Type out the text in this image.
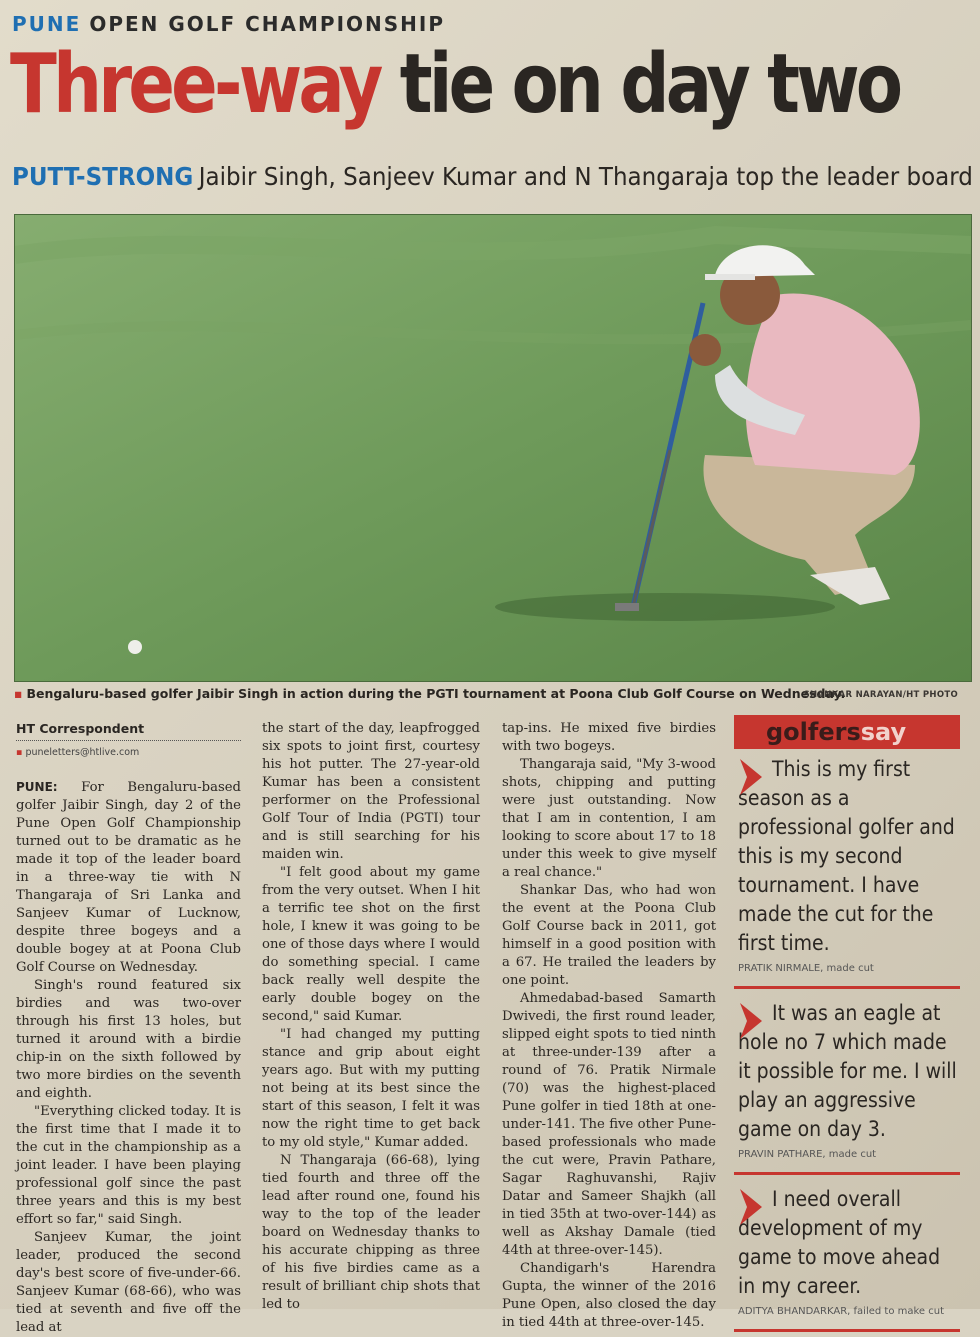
PUNE OPEN GOLF CHAMPIONSHIP
Three-way tie on day two
PUTT-STRONG Jaibir Singh, Sanjeev Kumar and N Thangaraja top the leader board
▪ Bengaluru-based golfer Jaibir Singh in action during the PGTI tournament at Poona Club Golf Course on Wednesday.
SHANKAR NARAYAN/HT PHOTO
HT Correspondent
▪ puneletters@htlive.com

PUNE: For Bengaluru-based golfer Jaibir Singh, day 2 of the Pune Open Golf Championship turned out to be dramatic as he made it top of the leader board in a three-way tie with N Thangaraja of Sri Lanka and Sanjeev Kumar of Lucknow, despite three bogeys and a double bogey at at Poona Club Golf Course on Wednesday.

Singh's round featured six birdies and was two-over through his first 13 holes, but turned it around with a birdie chip-in on the sixth followed by two more birdies on the seventh and eighth.

"Everything clicked today. It is the first time that I made it to the cut in the championship as a joint leader. I have been playing professional golf since the past three years and this is my best effort so far," said Singh.

Sanjeev Kumar, the joint leader, produced the second day's best score of five-under-66. Sanjeev Kumar (68-66), who was tied at seventh and five off the lead at

the start of the day, leapfrogged six spots to joint first, courtesy his hot putter. The 27-year-old Kumar has been a consistent performer on the Professional Golf Tour of India (PGTI) tour and is still searching for his maiden win.

"I felt good about my game from the very outset. When I hit a terrific tee shot on the first hole, I knew it was going to be one of those days where I would do something special. I came back really well despite the early double bogey on the second," said Kumar.

"I had changed my putting stance and grip about eight years ago. But with my putting not being at its best since the start of this season, I felt it was now the right time to get back to my old style," Kumar added.

N Thangaraja (66-68), lying tied fourth and three off the lead after round one, found his way to the top of the leader board on Wednesday thanks to his accurate chipping as three of his five birdies came as a result of brilliant chip shots that led to

tap-ins. He mixed five birdies with two bogeys.

Thangaraja said, "My 3-wood shots, chipping and putting were just outstanding. Now that I am in contention, I am looking to score about 17 to 18 under this week to give myself a real chance."

Shankar Das, who had won the event at the Poona Club Golf Course back in 2011, got himself in a good position with a 67. He trailed the leaders by one point.

Ahmedabad-based Samarth Dwivedi, the first round leader, slipped eight spots to tied ninth at three-under-139 after a round of 76. Pratik Nirmale (70) was the highest-placed Pune golfer in tied 18th at one-under-141. The five other Pune-based professionals who made the cut were, Pravin Pathare, Sagar Raghuvanshi, Rajiv Datar and Sameer Shajkh (all in tied 35th at two-over-144) as well as Akshay Damale (tied 44th at three-over-145).

Chandigarh's Harendra Gupta, the winner of the 2016 Pune Open, also closed the day in tied 44th at three-over-145.

golferssay
This is my first season as a professional golfer and this is my second tournament. I have made the cut for the first time.
PRATIK NIRMALE, made cut
It was an eagle at hole no 7 which made it possible for me. I will play an aggressive game on day 3.
PRAVIN PATHARE, made cut
I need overall development of my game to move ahead in my career.
ADITYA BHANDARKAR, failed to make cut
